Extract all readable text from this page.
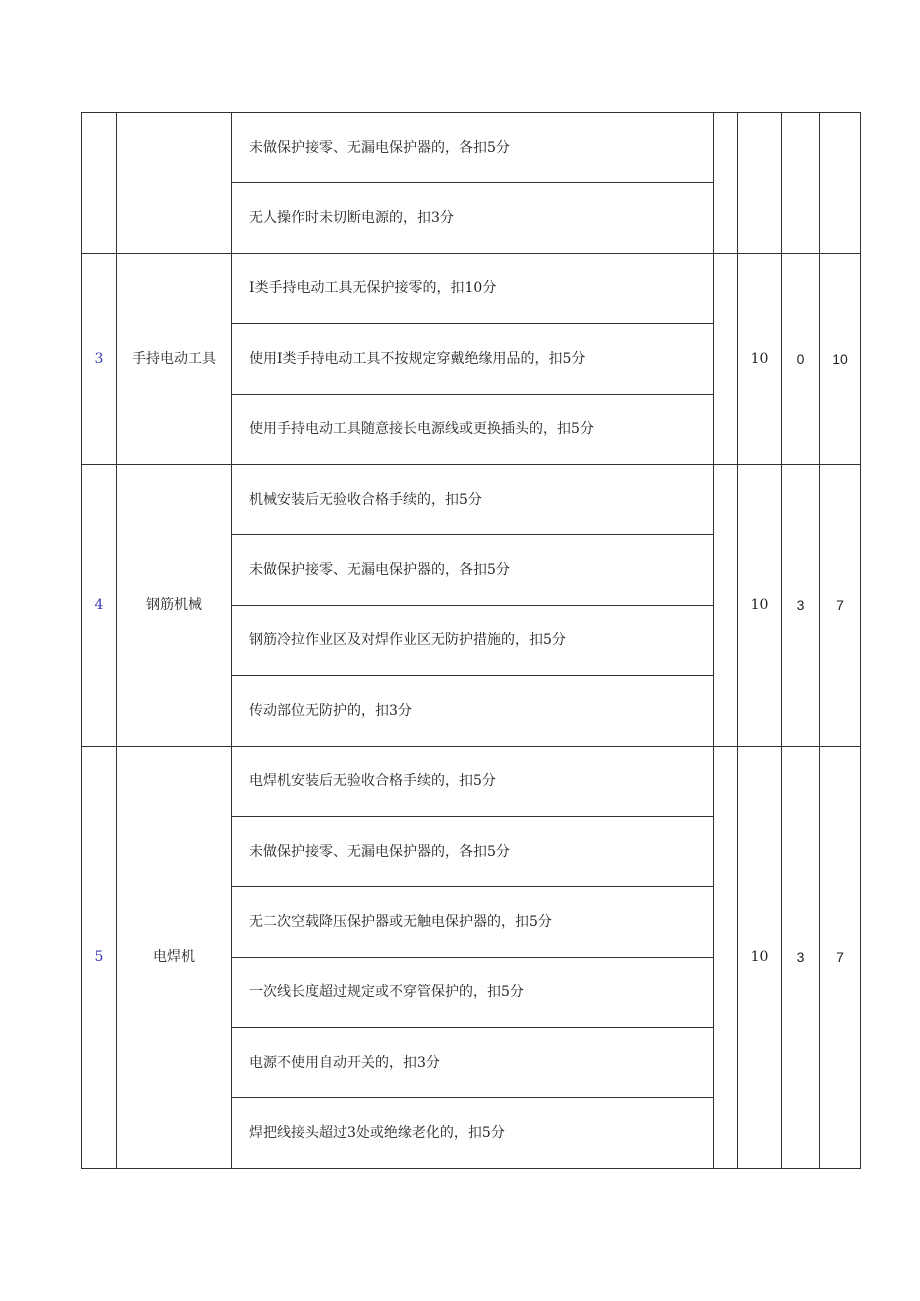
		未做保护接零、无漏电保护器的，各扣5分				
		无人操作时未切断电源的，扣3分				
3	手持电动工具	I类手持电动工具无保护接零的，扣10分		10	0	10
		使用I类手持电动工具不按规定穿戴绝缘用品的，扣5分				
		使用手持电动工具随意接长电源线或更换插头的，扣5分				
4	钢筋机械	机械安装后无验收合格手续的，扣5分		10	3	7
		未做保护接零、无漏电保护器的，各扣5分				
		钢筋冷拉作业区及对焊作业区无防护措施的，扣5分				
		传动部位无防护的，扣3分				
5	电焊机	电焊机安装后无验收合格手续的，扣5分		10	3	7
		未做保护接零、无漏电保护器的，各扣5分				
		无二次空载降压保护器或无触电保护器的，扣5分				
		一次线长度超过规定或不穿管保护的，扣5分				
		电源不使用自动开关的，扣3分				
		焊把线接头超过3处或绝缘老化的，扣5分				
